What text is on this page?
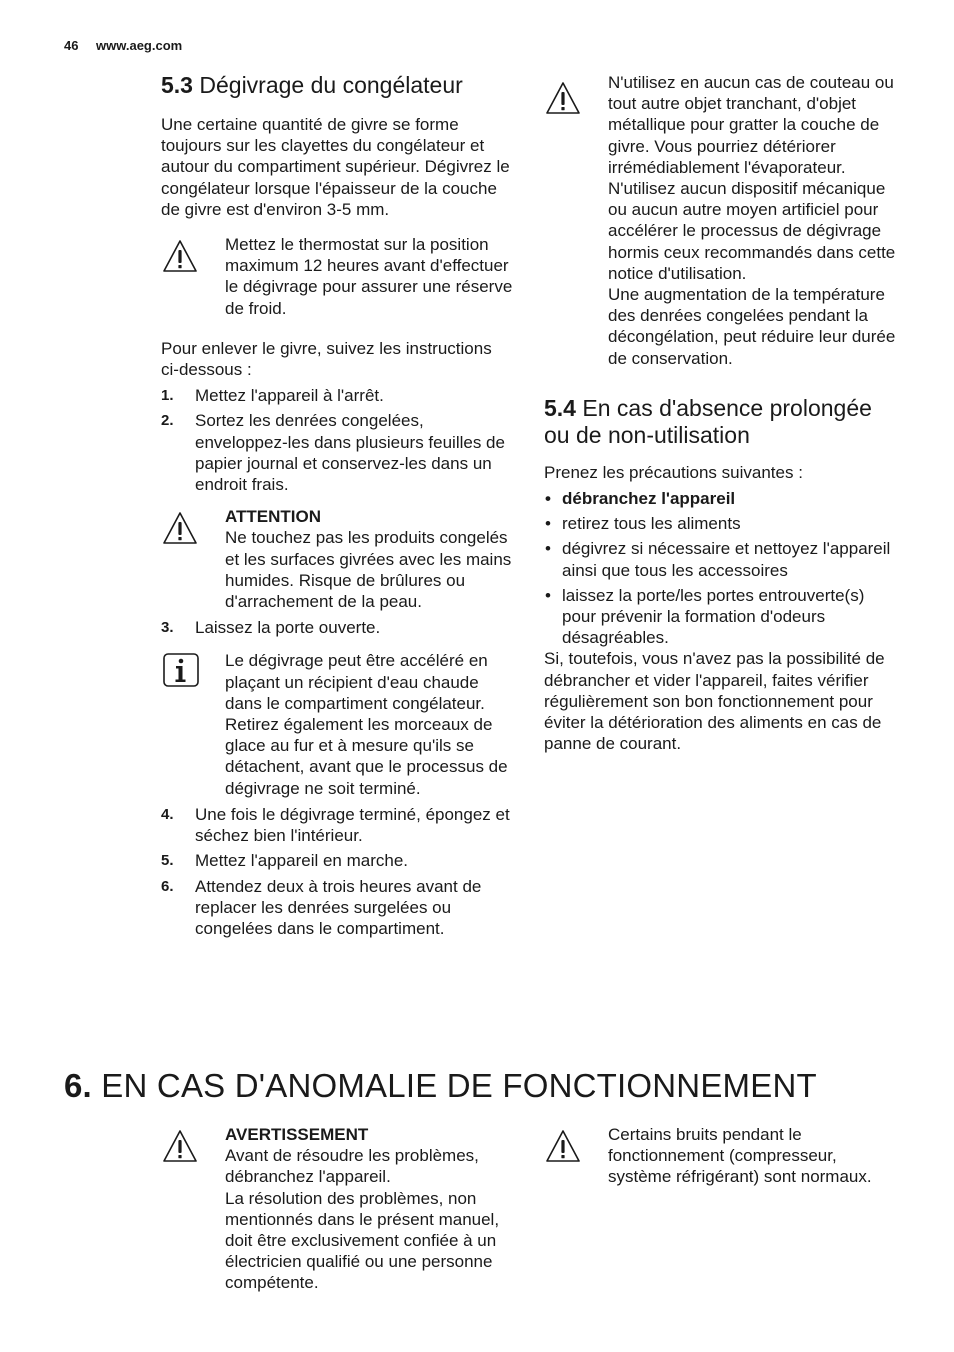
46 www.aeg.com
5.3 Dégivrage du congélateur

Une certaine quantité de givre se forme toujours sur les clayettes du congélateur et autour du compartiment supérieur. Dégivrez le congélateur lorsque l'épaisseur de la couche de givre est d'environ 3-5 mm.

Mettez le thermostat sur la position maximum 12 heures avant d'effectuer le dégivrage pour assurer une réserve de froid.

Pour enlever le givre, suivez les instructions ci-dessous :

1. Mettez l'appareil à l'arrêt.
2. Sortez les denrées congelées, enveloppez-les dans plusieurs feuilles de papier journal et conservez-les dans un endroit frais.
ATTENTION

Ne touchez pas les produits congelés et les surfaces givrées avec les mains humides. Risque de brûlures ou d'arrachement de la peau.

3. Laissez la porte ouverte.

Le dégivrage peut être accéléré en plaçant un récipient d'eau chaude dans le compartiment congélateur. Retirez également les morceaux de glace au fur et à mesure qu'ils se détachent, avant que le processus de dégivrage ne soit terminé.

4. Une fois le dégivrage terminé, épongez et séchez bien l'intérieur.
5. Mettez l'appareil en marche.
6. Attendez deux à trois heures avant de replacer les denrées surgelées ou congelées dans le compartiment.

N'utilisez en aucun cas de couteau ou tout autre objet tranchant, d'objet métallique pour gratter la couche de givre. Vous pourriez détériorer irrémédiablement l'évaporateur.

N'utilisez aucun dispositif mécanique ou aucun autre moyen artificiel pour accélérer le processus de dégivrage hormis ceux recommandés dans cette notice d'utilisation.

Une augmentation de la température des denrées congelées pendant la décongélation, peut réduire leur durée de conservation.

5.4 En cas d'absence prolongée ou de non-utilisation

Prenez les précautions suivantes :

• débranchez l'appareil
• retirez tous les aliments
• dégivrez si nécessaire et nettoyez l'appareil ainsi que tous les accessoires
• laissez la porte/les portes entrouverte(s) pour prévenir la formation d'odeurs désagréables.

Si, toutefois, vous n'avez pas la possibilité de débrancher et vider l'appareil, faites vérifier régulièrement son bon fonctionnement pour éviter la détérioration des aliments en cas de panne de courant.

6. EN CAS D'ANOMALIE DE FONCTIONNEMENT
AVERTISSEMENT

Avant de résoudre les problèmes, débranchez l'appareil.

La résolution des problèmes, non mentionnés dans le présent manuel, doit être exclusivement confiée à un électricien qualifié ou une personne compétente.

Certains bruits pendant le fonctionnement (compresseur, système réfrigérant) sont normaux.
